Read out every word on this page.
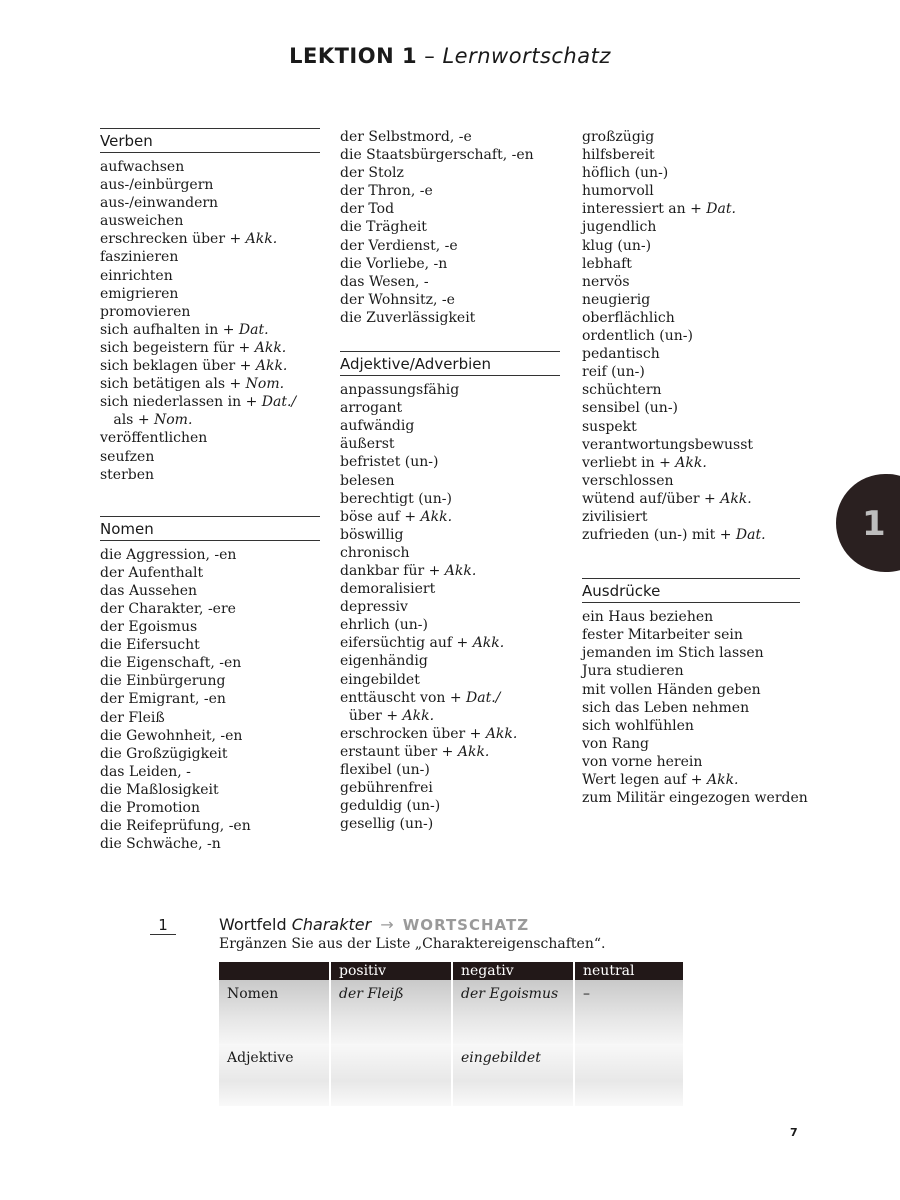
LEKTION 1 – Lernwortschatz
Verben
aufwachsen
aus-/einbürgern
aus-/einwandern
ausweichen
erschrecken über + Akk.
faszinieren
einrichten
emigrieren
promovieren
sich aufhalten in + Dat.
sich begeistern für + Akk.
sich beklagen über + Akk.
sich betätigen als + Nom.
sich niederlassen in + Dat./
als + Nom.
veröffentlichen
seufzen
sterben
Nomen
die Aggression, -en
der Aufenthalt
das Aussehen
der Charakter, -ere
der Egoismus
die Eifersucht
die Eigenschaft, -en
die Einbürgerung
der Emigrant, -en
der Fleiß
die Gewohnheit, -en
die Großzügigkeit
das Leiden, -
die Maßlosigkeit
die Promotion
die Reifeprüfung, -en
die Schwäche, -n
der Selbstmord, -e
die Staatsbürgerschaft, -en
der Stolz
der Thron, -e
der Tod
die Trägheit
der Verdienst, -e
die Vorliebe, -n
das Wesen, -
der Wohnsitz, -e
die Zuverlässigkeit
Adjektive/Adverbien
anpassungsfähig
arrogant
aufwändig
äußerst
befristet (un-)
belesen
berechtigt (un-)
böse auf + Akk.
böswillig
chronisch
dankbar für + Akk.
demoralisiert
depressiv
ehrlich (un-)
eifersüchtig auf + Akk.
eigenhändig
eingebildet
enttäuscht von + Dat./
über + Akk.
erschrocken über + Akk.
erstaunt über + Akk.
flexibel (un-)
gebührenfrei
geduldig (un-)
gesellig (un-)
großzügig
hilfsbereit
höflich (un-)
humorvoll
interessiert an + Dat.
jugendlich
klug (un-)
lebhaft
nervös
neugierig
oberflächlich
ordentlich (un-)
pedantisch
reif (un-)
schüchtern
sensibel (un-)
suspekt
verantwortungsbewusst
verliebt in + Akk.
verschlossen
wütend auf/über + Akk.
zivilisiert
zufrieden (un-) mit + Dat.
Ausdrücke
ein Haus beziehen
fester Mitarbeiter sein
jemanden im Stich lassen
Jura studieren
mit vollen Händen geben
sich das Leben nehmen
sich wohlfühlen
von Rang
von vorne herein
Wert legen auf + Akk.
zum Militär eingezogen werden
1
1	Wortfeld Charakter → WORTSCHATZ
Ergänzen Sie aus der Liste „Charaktereigenschaften“.
	positiv	negativ	neutral
Nomen	der Fleiß	der Egoismus	–
Adjektive		eingebildet	
7
